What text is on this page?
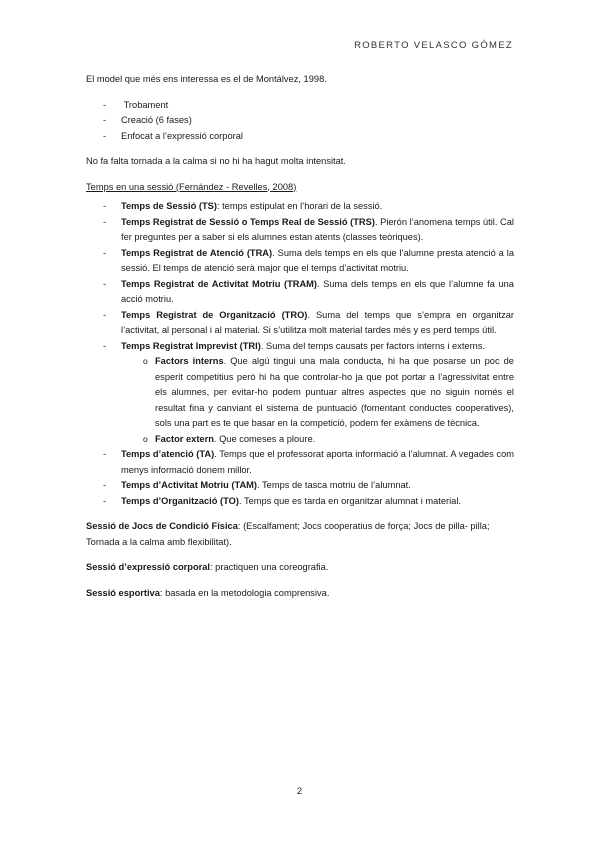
ROBERTO VELASCO GÓMEZ

El model que més ens interessa es el de Montálvez, 1998.

- Trobament
- Creació (6 fases)
- Enfocat a l’expressió corporal

No fa falta tornada a la calma si no hi ha hagut molta intensitat.

Temps en una sessió (Fernández - Revelles, 2008)

- Temps de Sessió (TS): temps estipulat en l’horari de la sessió.
- Temps Registrat de Sessió o Temps Real de Sessió (TRS). Pierón l’anomena temps útil. Cal fer preguntes per a saber si els alumnes estan atents (classes teòriques).
- Temps Registrat de Atenció (TRA). Suma dels temps en els que l’alumne presta atenció a la sessió. El temps de atenció serà major que el temps d’activitat motriu.
- Temps Registrat de Activitat Motriu (TRAM). Suma dels temps en els que l’alumne fa una acció motriu.
- Temps Registrat de Organització (TRO). Suma del temps que s’empra en organitzar l’activitat, al personal i al material. Si s’utilitza molt material tardes més y es perd temps útil.
- Temps Registrat Imprevist (TRI). Suma del temps causats per factors interns i externs.
o Factors interns. Que algú tingui una mala conducta, hi ha que posarse un poc de esperit competitius però hi ha que controlar-ho ja que pot portar a l’agressivitat entre els alumnes, per evitar-ho podem puntuar altres aspectes que no siguin només el resultat fina y canviant el sistema de puntuació (fomentant conductes cooperatives), sols una part es te que basar en la competició, podem fer exàmens de tècnica.
o Factor extern. Que comeses a ploure.
- Temps d’atenció (TA). Temps que el professorat aporta informació a l’alumnat. A vegades com menys informació donem millor.
- Temps d’Activitat Motriu (TAM). Temps de tasca motriu de l’alumnat.
- Temps d’Organització (TO). Temps que es tarda en organitzar alumnat i material.

Sessió de Jocs de Condició Física: (Escalfament; Jocs cooperatius de força; Jocs de pilla- pilla; Tornada a la calma amb flexibilitat).

Sessió d’expressió corporal: practiquen una coreografia.

Sessió esportiva: basada en la metodologia comprensiva.

2
